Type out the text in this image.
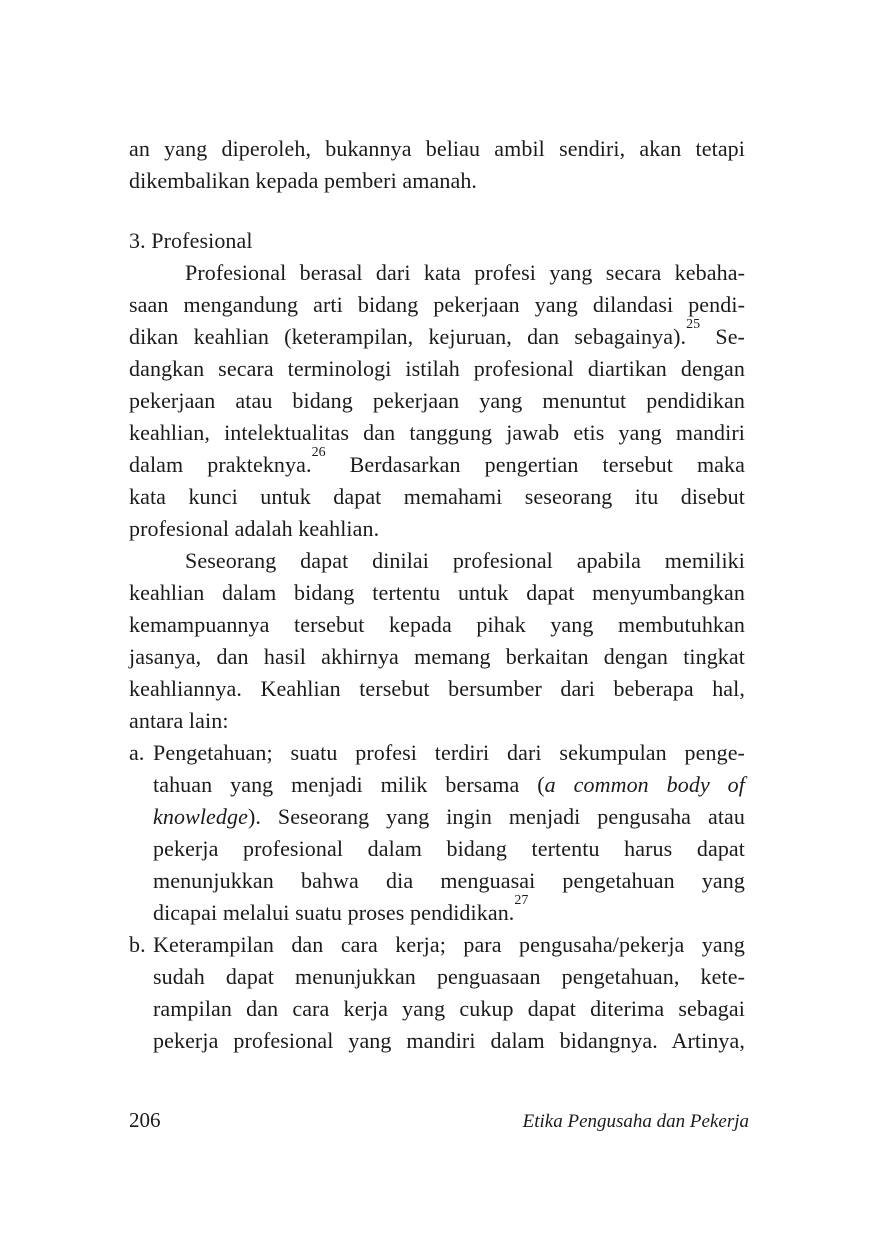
an yang diperoleh, bukannya beliau ambil sendiri, akan tetapi
dikembalikan kepada pemberi amanah.
3. Profesional
Profesional berasal dari kata profesi yang secara kebaha-
saan mengandung arti bidang pekerjaan yang dilandasi pendi-
dikan keahlian (keterampilan, kejuruan, dan sebagainya).$^{25}$ Se-
dangkan secara terminologi istilah profesional diartikan dengan
pekerjaan atau bidang pekerjaan yang menuntut pendidikan
keahlian, intelektualitas dan tanggung jawab etis yang mandiri
dalam prakteknya.$^{26}$ Berdasarkan pengertian tersebut maka
kata kunci untuk dapat memahami seseorang itu disebut
profesional adalah keahlian.
Seseorang dapat dinilai profesional apabila memiliki
keahlian dalam bidang tertentu untuk dapat menyumbangkan
kemampuannya tersebut kepada pihak yang membutuhkan
jasanya, dan hasil akhirnya memang berkaitan dengan tingkat
keahliannya. Keahlian tersebut bersumber dari beberapa hal,
antara lain:
a. Pengetahuan; suatu profesi terdiri dari sekumpulan penge-
tahuan yang menjadi milik bersama (a common body of
knowledge). Seseorang yang ingin menjadi pengusaha atau
pekerja profesional dalam bidang tertentu harus dapat
menunjukkan bahwa dia menguasai pengetahuan yang
dicapai melalui suatu proses pendidikan.$^{27}$
b. Keterampilan dan cara kerja; para pengusaha/pekerja yang
sudah dapat menunjukkan penguasaan pengetahuan, kete-
rampilan dan cara kerja yang cukup dapat diterima sebagai
pekerja profesional yang mandiri dalam bidangnya. Artinya,
206	Etika Pengusaha dan Pekerja
